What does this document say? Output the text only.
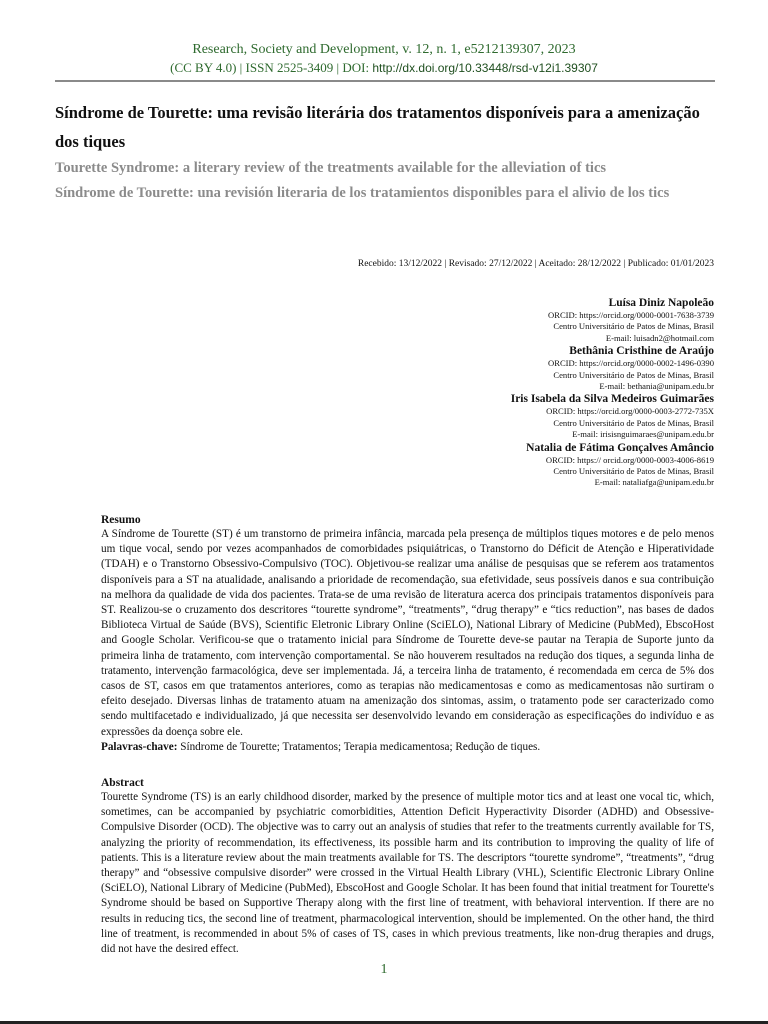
Research, Society and Development, v. 12, n. 1, e5212139307, 2023
(CC BY 4.0) | ISSN 2525-3409 | DOI: http://dx.doi.org/10.33448/rsd-v12i1.39307
Síndrome de Tourette: uma revisão literária dos tratamentos disponíveis para a amenização dos tiques
Tourette Syndrome: a literary review of the treatments available for the alleviation of tics
Síndrome de Tourette: una revisión literaria de los tratamientos disponibles para el alivio de los tics
Recebido: 13/12/2022 | Revisado: 27/12/2022 | Aceitado: 28/12/2022 | Publicado: 01/01/2023
Luísa Diniz Napoleão
ORCID: https://orcid.org/0000-0001-7638-3739
Centro Universitário de Patos de Minas, Brasil
E-mail: luisadn2@hotmail.com
Bethânia Cristhine de Araújo
ORCID: https://orcid.org/0000-0002-1496-0390
Centro Universitário de Patos de Minas, Brasil
E-mail: bethania@unipam.edu.br
Iris Isabela da Silva Medeiros Guimarães
ORCID: https://orcid.org/0000-0003-2772-735X
Centro Universitário de Patos de Minas, Brasil
E-mail: irisisnguimaraes@unipam.edu.br
Natalia de Fátima Gonçalves Amâncio
ORCID: https:// orcid.org/0000-0003-4006-8619
Centro Universitário de Patos de Minas, Brasil
E-mail: nataliafga@unipam.edu.br
Resumo
A Síndrome de Tourette (ST) é um transtorno de primeira infância, marcada pela presença de múltiplos tiques motores e de pelo menos um tique vocal, sendo por vezes acompanhados de comorbidades psiquiátricas, o Transtorno do Déficit de Atenção e Hiperatividade (TDAH) e o Transtorno Obsessivo-Compulsivo (TOC). Objetivou-se realizar uma análise de pesquisas que se referem aos tratamentos disponíveis para a ST na atualidade, analisando a prioridade de recomendação, sua efetividade, seus possíveis danos e sua contribuição na melhora da qualidade de vida dos pacientes. Trata-se de uma revisão de literatura acerca dos principais tratamentos disponíveis para ST. Realizou-se o cruzamento dos descritores “tourette syndrome”, “treatments”, “drug therapy” e “tics reduction”, nas bases de dados Biblioteca Virtual de Saúde (BVS), Scientific Eletronic Library Online (SciELO), National Library of Medicine (PubMed), EbscoHost and Google Scholar. Verificou-se que o tratamento inicial para Síndrome de Tourette deve-se pautar na Terapia de Suporte junto da primeira linha de tratamento, com intervenção comportamental. Se não houverem resultados na redução dos tiques, a segunda linha de tratamento, intervenção farmacológica, deve ser implementada. Já, a terceira linha de tratamento, é recomendada em cerca de 5% dos casos de ST, casos em que tratamentos anteriores, como as terapias não medicamentosas e como as medicamentosas não surtiram o efeito desejado. Diversas linhas de tratamento atuam na amenização dos sintomas, assim, o tratamento pode ser caracterizado como sendo multifacetado e individualizado, já que necessita ser desenvolvido levando em consideração as especificações do indivíduo e as expressões da doença sobre ele.
Palavras-chave: Síndrome de Tourette; Tratamentos; Terapia medicamentosa; Redução de tiques.
Abstract
Tourette Syndrome (TS) is an early childhood disorder, marked by the presence of multiple motor tics and at least one vocal tic, which, sometimes, can be accompanied by psychiatric comorbidities, Attention Deficit Hyperactivity Disorder (ADHD) and Obsessive-Compulsive Disorder (OCD). The objective was to carry out an analysis of studies that refer to the treatments currently available for TS, analyzing the priority of recommendation, its effectiveness, its possible harm and its contribution to improving the quality of life of patients. This is a literature review about the main treatments available for TS. The descriptors “tourette syndrome”, “treatments”, “drug therapy” and “obsessive compulsive disorder” were crossed in the Virtual Health Library (VHL), Scientific Electronic Library Online (SciELO), National Library of Medicine (PubMed), EbscoHost and Google Scholar. It has been found that initial treatment for Tourette's Syndrome should be based on Supportive Therapy along with the first line of treatment, with behavioral intervention. If there are no results in reducing tics, the second line of treatment, pharmacological intervention, should be implemented. On the other hand, the third line of treatment, is recommended in about 5% of cases of TS, cases in which previous treatments, like non-drug therapies and drugs, did not have the desired effect.
1
